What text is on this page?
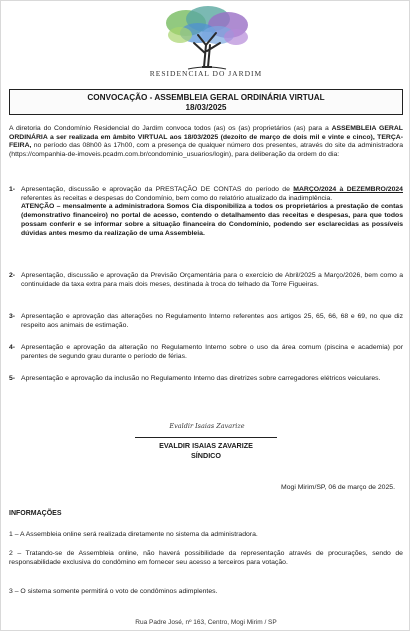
RESIDENCIAL DO JARDIM
CONVOCAÇÃO - ASSEMBLEIA GERAL ORDINÁRIA VIRTUAL
18/03/2025
A diretoria do Condomínio Residencial do Jardim convoca todos (as) os (as) proprietários (as) para a ASSEMBLEIA GERAL ORDINÁRIA a ser realizada em âmbito VIRTUAL aos 18/03/2025 (dezoito de março de dois mil e vinte e cinco), TERÇA-FEIRA, no período das 08h00 às 17h00, com a presença de qualquer número dos presentes, através do site da administradora (https://companhia-de-imoveis.pcadm.com.br/condominio_usuarios/login), para deliberação da ordem do dia:
1- Apresentação, discussão e aprovação da PRESTAÇÃO DE CONTAS do período de MARÇO/2024 à DEZEMBRO/2024 referentes às receitas e despesas do Condomínio, bem como do relatório atualizado da inadimplência.
ATENÇÃO – mensalmente a administradora Somos Cia disponibiliza a todos os proprietários a prestação de contas (demonstrativo financeiro) no portal de acesso, contendo o detalhamento das receitas e despesas, para que todos possam conferir e se informar sobre a situação financeira do Condomínio, podendo ser esclarecidas as possíveis dúvidas antes mesmo da realização de uma Assembleia.
2- Apresentação, discussão e aprovação da Previsão Orçamentária para o exercício de Abril/2025 a Março/2026, bem como a continuidade da taxa extra para mais dois meses, destinada à troca do telhado da Torre Figueiras.
3- Apresentação e aprovação das alterações no Regulamento Interno referentes aos artigos 25, 65, 66, 68 e 69, no que diz respeito aos animais de estimação.
4- Apresentação e aprovação da alteração no Regulamento Interno sobre o uso da área comum (piscina e academia) por parentes de segundo grau durante o período de férias.
5- Apresentação e aprovação da inclusão no Regulamento Interno das diretrizes sobre carregadores elétricos veiculares.
Evaldir Isaias Zavarize
EVALDIR ISAIAS ZAVARIZE
SÍNDICO
Mogi Mirim/SP, 06 de março de 2025.
INFORMAÇÕES
1 – A Assembleia online será realizada diretamente no sistema da administradora.
2 – Tratando-se de Assembleia online, não haverá possibilidade da representação através de procurações, sendo de responsabilidade exclusiva do condômino em fornecer seu acesso a terceiros para votação.
3 – O sistema somente permitirá o voto de condôminos adimplentes.
Rua Padre José, nº 163, Centro, Mogi Mirim / SP
